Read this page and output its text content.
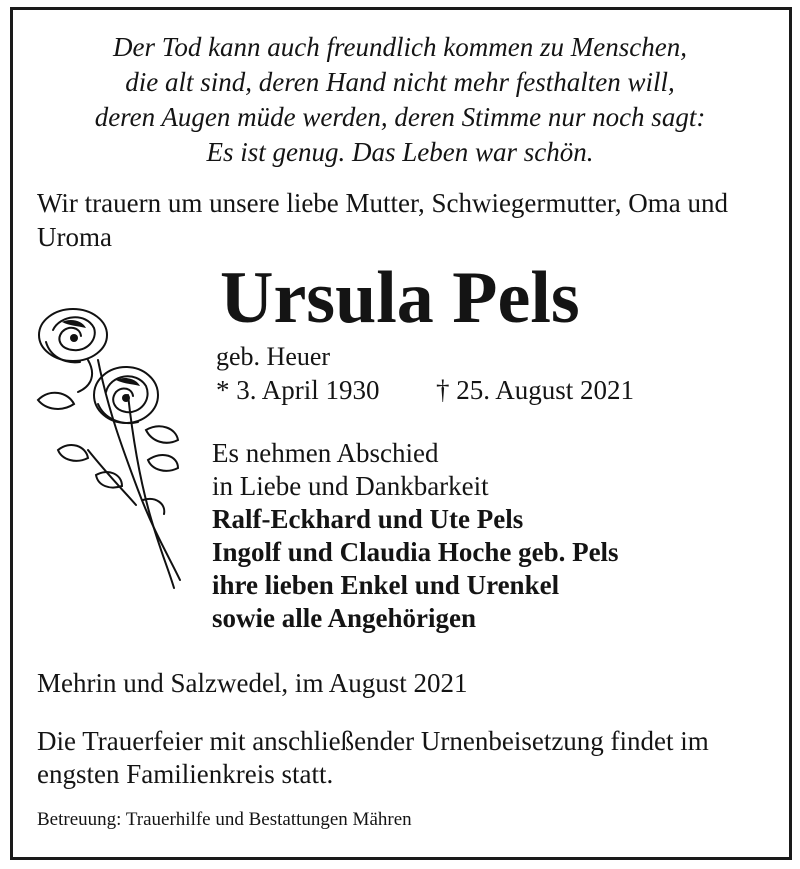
Der Tod kann auch freundlich kommen zu Menschen,
die alt sind, deren Hand nicht mehr festhalten will,
deren Augen müde werden, deren Stimme nur noch sagt:
Es ist genug. Das Leben war schön.
Wir trauern um unsere liebe Mutter, Schwiegermutter, Oma und Uroma
Ursula Pels
geb. Heuer
* 3. April 1930 † 25. August 2021
Es nehmen Abschied
in Liebe und Dankbarkeit
Ralf-Eckhard und Ute Pels
Ingolf und Claudia Hoche geb. Pels
ihre lieben Enkel und Urenkel
sowie alle Angehörigen
Mehrin und Salzwedel, im August 2021
Die Trauerfeier mit anschließender Urnenbeisetzung findet im engsten Familienkreis statt.
Betreuung: Trauerhilfe und Bestattungen Mähren
